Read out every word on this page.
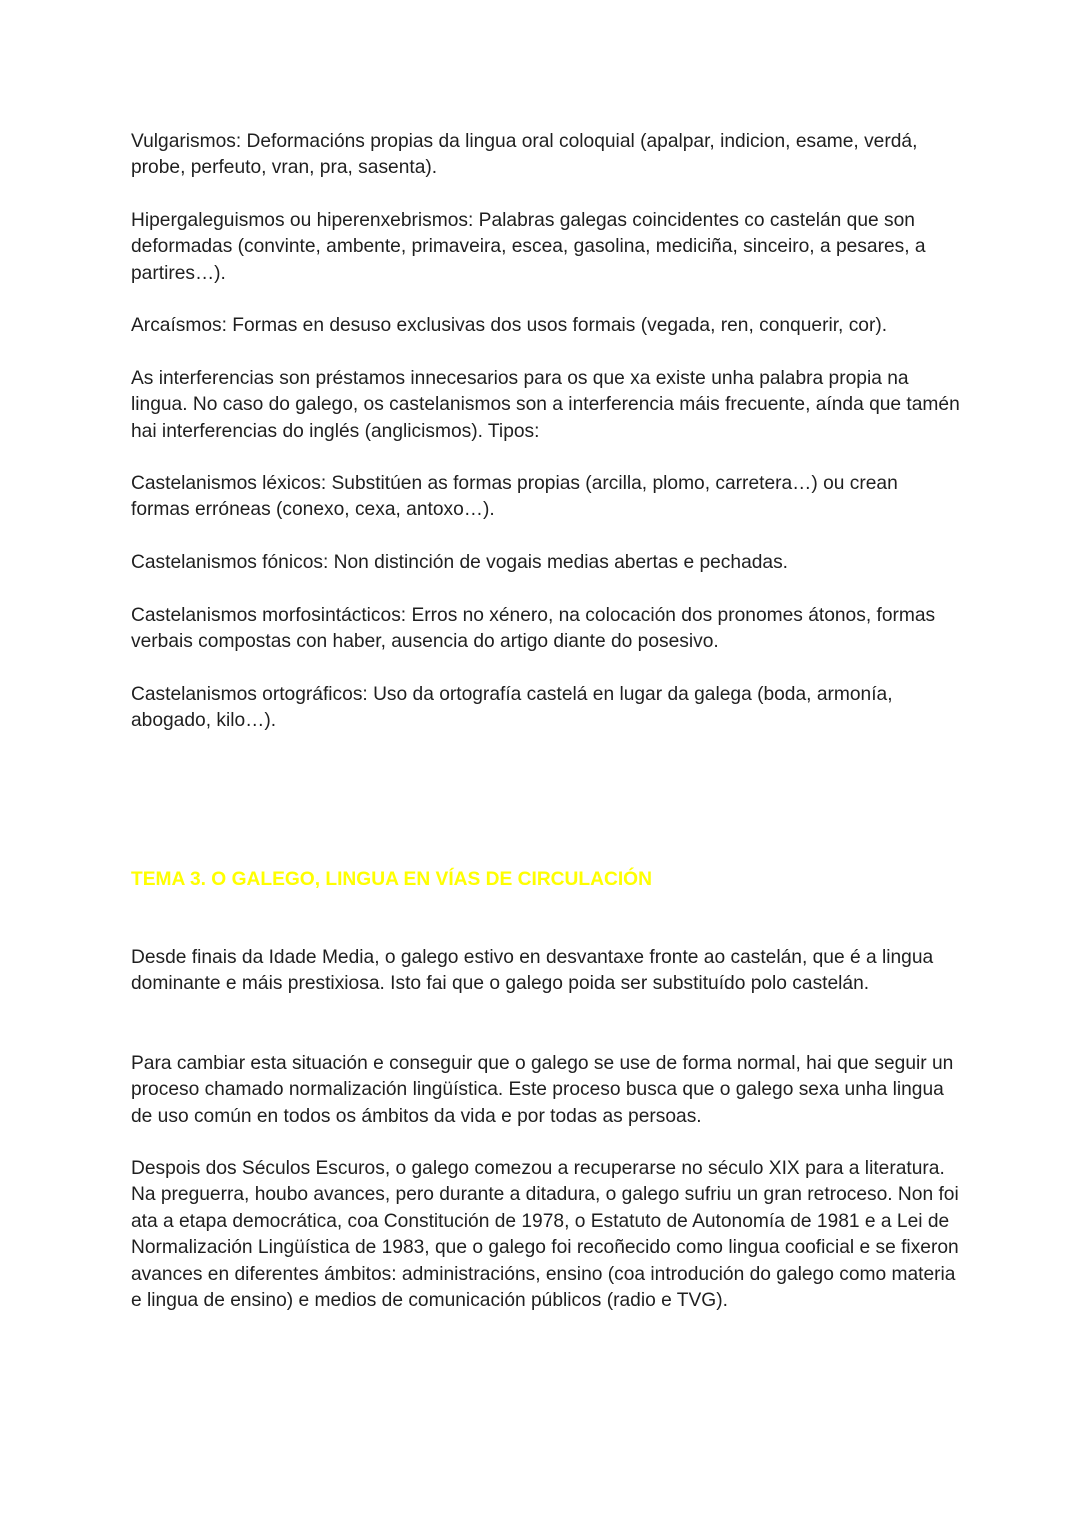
Vulgarismos: Deformacións propias da lingua oral coloquial (apalpar, indicion, esame, verdá, probe, perfeuto, vran, pra, sasenta).

Hipergaleguismos ou hiperenxebrismos: Palabras galegas coincidentes co castelán que son deformadas (convinte, ambente, primaveira, escea, gasolina, mediciña, sinceiro, a pesares, a partires…).

Arcaísmos: Formas en desuso exclusivas dos usos formais (vegada, ren, conquerir, cor).

As interferencias son préstamos innecesarios para os que xa existe unha palabra propia na lingua. No caso do galego, os castelanismos son a interferencia máis frecuente, aínda que tamén hai interferencias do inglés (anglicismos). Tipos:

Castelanismos léxicos: Substitúen as formas propias (arcilla, plomo, carretera…) ou crean formas erróneas (conexo, cexa, antoxo…).

Castelanismos fónicos: Non distinción de vogais medias abertas e pechadas.

Castelanismos morfosintácticos: Erros no xénero, na colocación dos pronomes átonos, formas verbais compostas con haber, ausencia do artigo diante do posesivo.

Castelanismos ortográficos: Uso da ortografía castelá en lugar da galega (boda, armonía, abogado, kilo…).

TEMA 3. O GALEGO, LINGUA EN VÍAS DE CIRCULACIÓN

Desde finais da Idade Media, o galego estivo en desvantaxe fronte ao castelán, que é a lingua dominante e máis prestixiosa. Isto fai que o galego poida ser substituído polo castelán.

Para cambiar esta situación e conseguir que o galego se use de forma normal, hai que seguir un proceso chamado normalización lingüística. Este proceso busca que o galego sexa unha lingua de uso común en todos os ámbitos da vida e por todas as persoas.

Despois dos Séculos Escuros, o galego comezou a recuperarse no século XIX para a literatura. Na preguerra, houbo avances, pero durante a ditadura, o galego sufriu un gran retroceso. Non foi ata a etapa democrática, coa Constitución de 1978, o Estatuto de Autonomía de 1981 e a Lei de Normalización Lingüística de 1983, que o galego foi recoñecido como lingua cooficial e se fixeron avances en diferentes ámbitos: administracións, ensino (coa introdución do galego como materia e lingua de ensino) e medios de comunicación públicos (radio e TVG).
